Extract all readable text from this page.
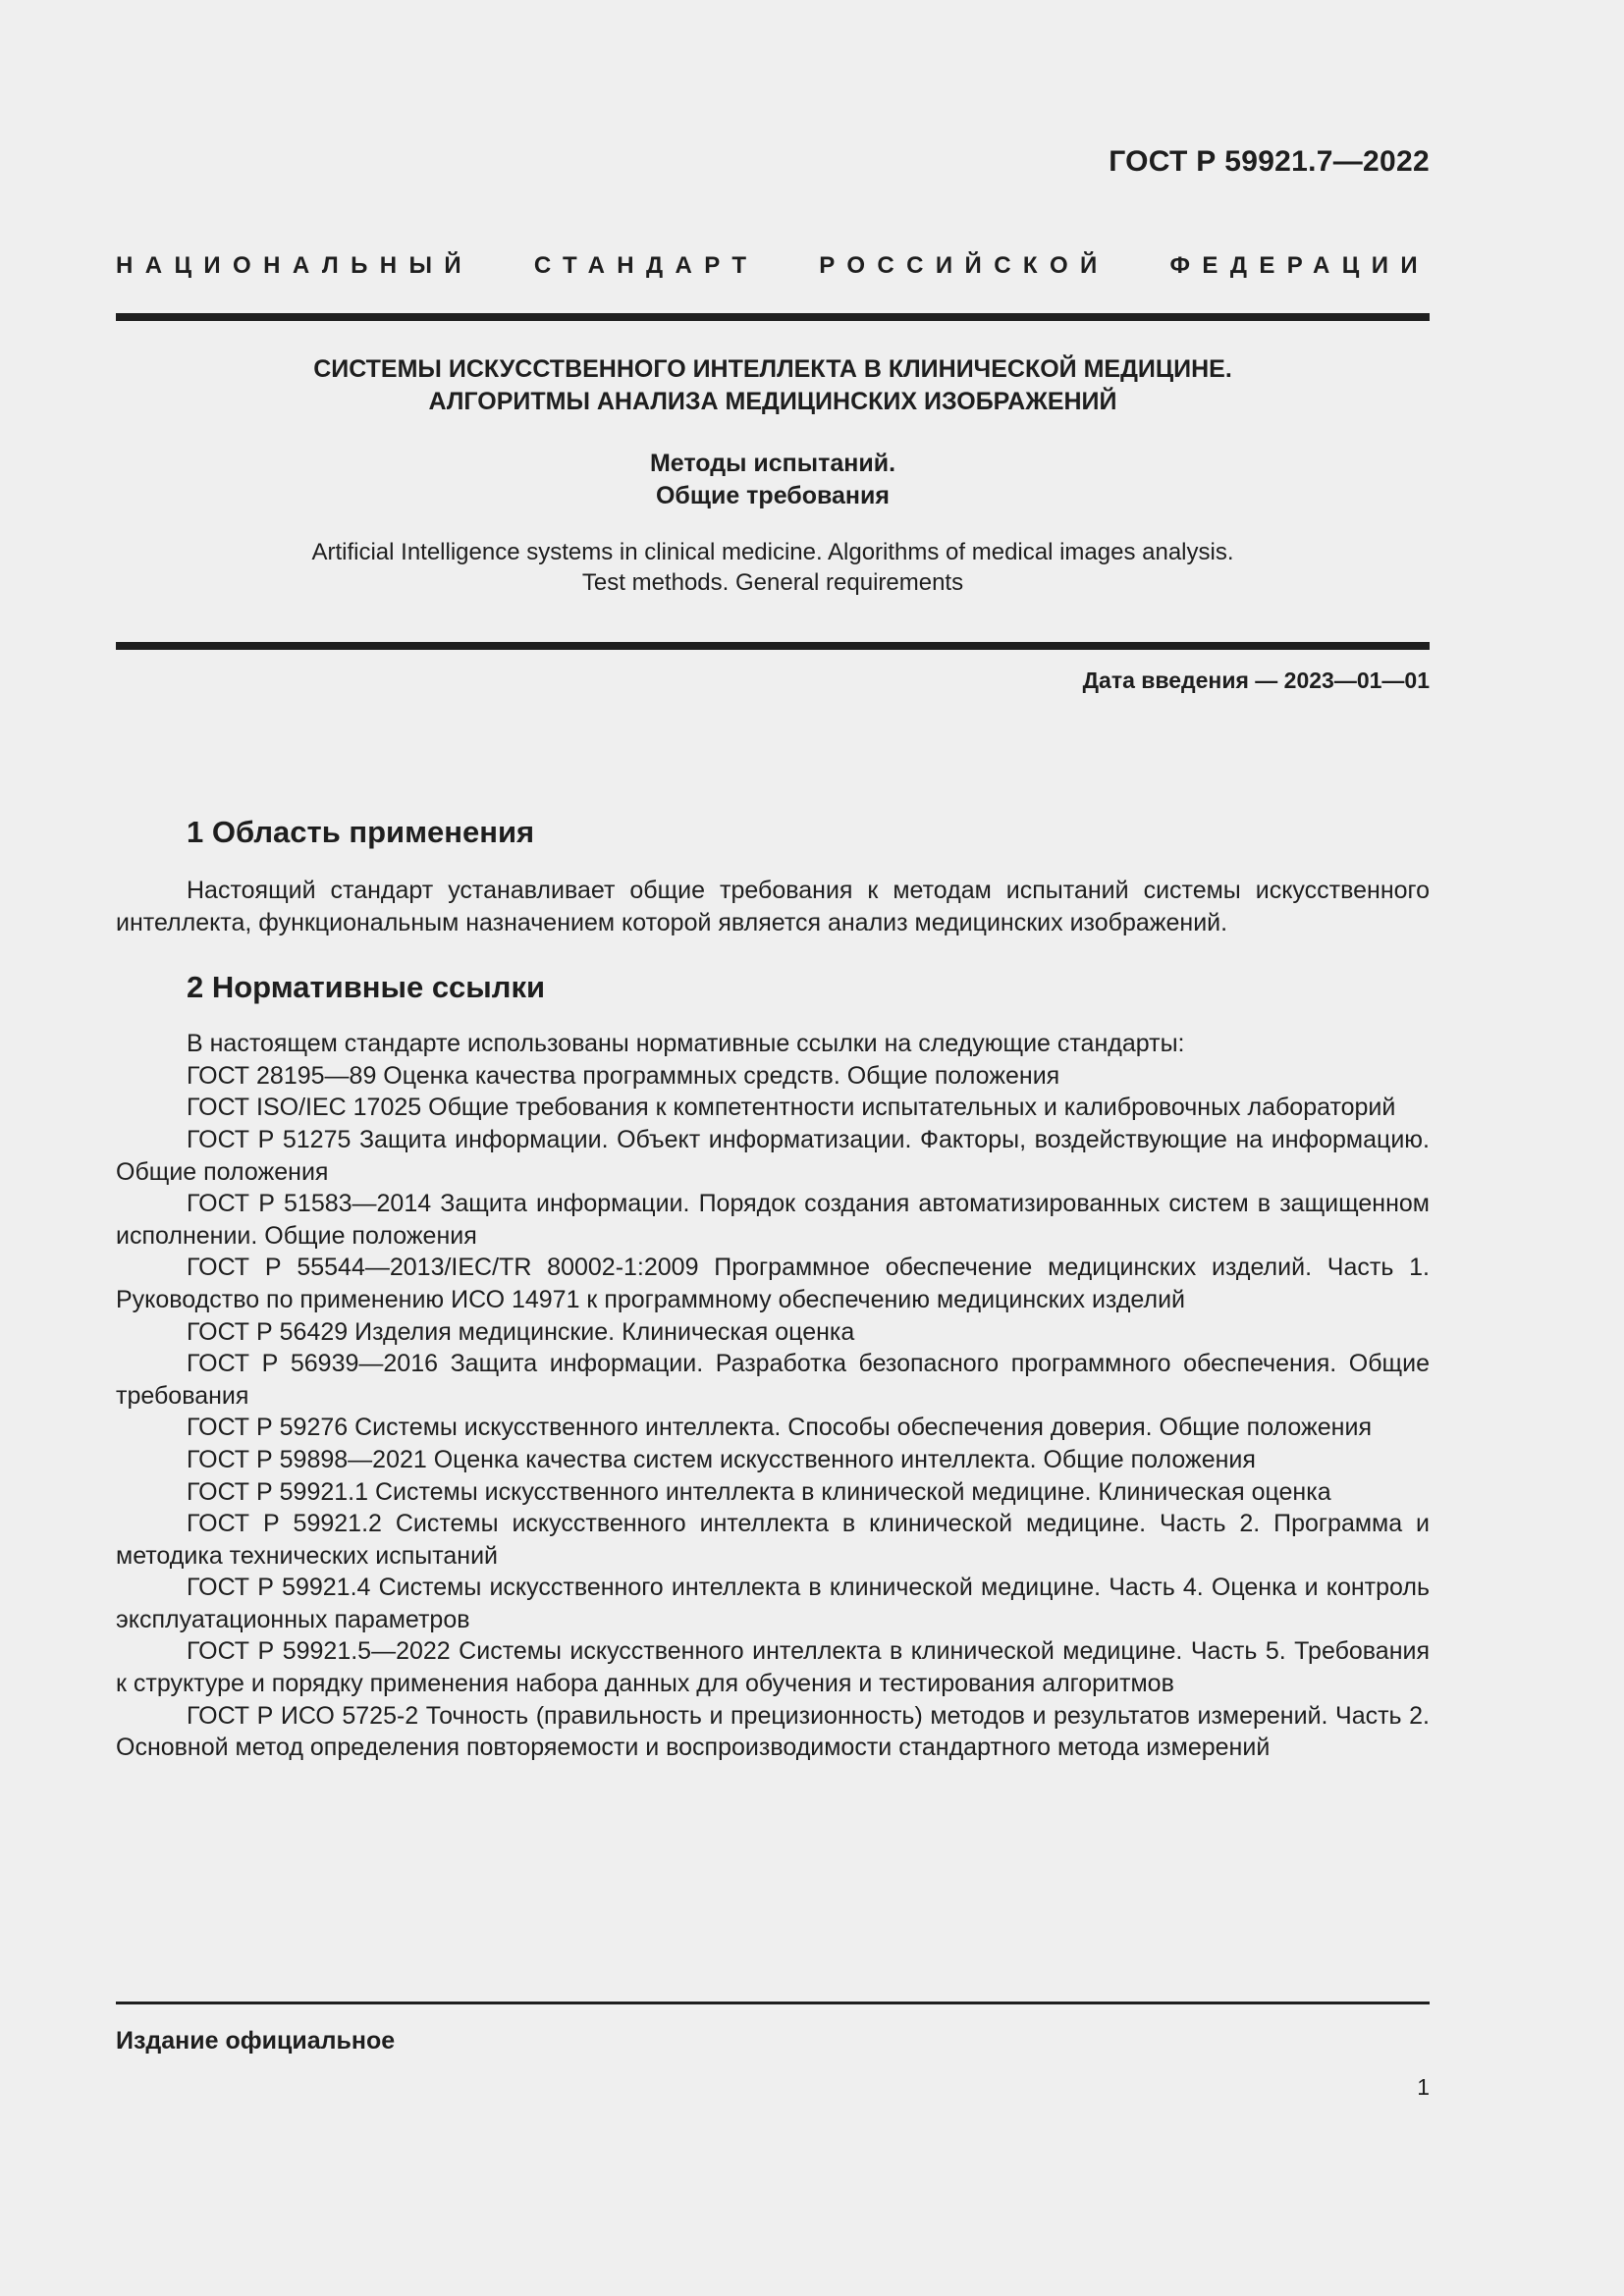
ГОСТ Р 59921.7—2022
НАЦИОНАЛЬНЫЙ СТАНДАРТ РОССИЙСКОЙ ФЕДЕРАЦИИ

СИСТЕМЫ ИСКУССТВЕННОГО ИНТЕЛЛЕКТА В КЛИНИЧЕСКОЙ МЕДИЦИНЕ.
АЛГОРИТМЫ АНАЛИЗА МЕДИЦИНСКИХ ИЗОБРАЖЕНИЙ

Методы испытаний.
Общие требования

Artificial Intelligence systems in clinical medicine. Algorithms of medical images analysis.
Test methods. General requirements

Дата введения — 2023—01—01
1 Область применения

Настоящий стандарт устанавливает общие требования к методам испытаний системы искусственного интеллекта, функциональным назначением которой является анализ медицинских изображений.

2 Нормативные ссылки

В настоящем стандарте использованы нормативные ссылки на следующие стандарты:

ГОСТ 28195—89 Оценка качества программных средств. Общие положения

ГОСТ ISO/IEC 17025 Общие требования к компетентности испытательных и калибровочных лабораторий

ГОСТ Р 51275 Защита информации. Объект информатизации. Факторы, воздействующие на информацию. Общие положения

ГОСТ Р 51583—2014 Защита информации. Порядок создания автоматизированных систем в защищенном исполнении. Общие положения

ГОСТ Р 55544—2013/IEC/TR 80002-1:2009 Программное обеспечение медицинских изделий. Часть 1. Руководство по применению ИСО 14971 к программному обеспечению медицинских изделий

ГОСТ Р 56429 Изделия медицинские. Клиническая оценка

ГОСТ Р 56939—2016 Защита информации. Разработка безопасного программного обеспечения. Общие требования

ГОСТ Р 59276 Системы искусственного интеллекта. Способы обеспечения доверия. Общие положения

ГОСТ Р 59898—2021 Оценка качества систем искусственного интеллекта. Общие положения

ГОСТ Р 59921.1 Системы искусственного интеллекта в клинической медицине. Клиническая оценка

ГОСТ Р 59921.2 Системы искусственного интеллекта в клинической медицине. Часть 2. Программа и методика технических испытаний

ГОСТ Р 59921.4 Системы искусственного интеллекта в клинической медицине. Часть 4. Оценка и контроль эксплуатационных параметров

ГОСТ Р 59921.5—2022 Системы искусственного интеллекта в клинической медицине. Часть 5. Требования к структуре и порядку применения набора данных для обучения и тестирования алгоритмов

ГОСТ Р ИСО 5725-2 Точность (правильность и прецизионность) методов и результатов измерений. Часть 2. Основной метод определения повторяемости и воспроизводимости стандартного метода измерений

Издание официальное
1
